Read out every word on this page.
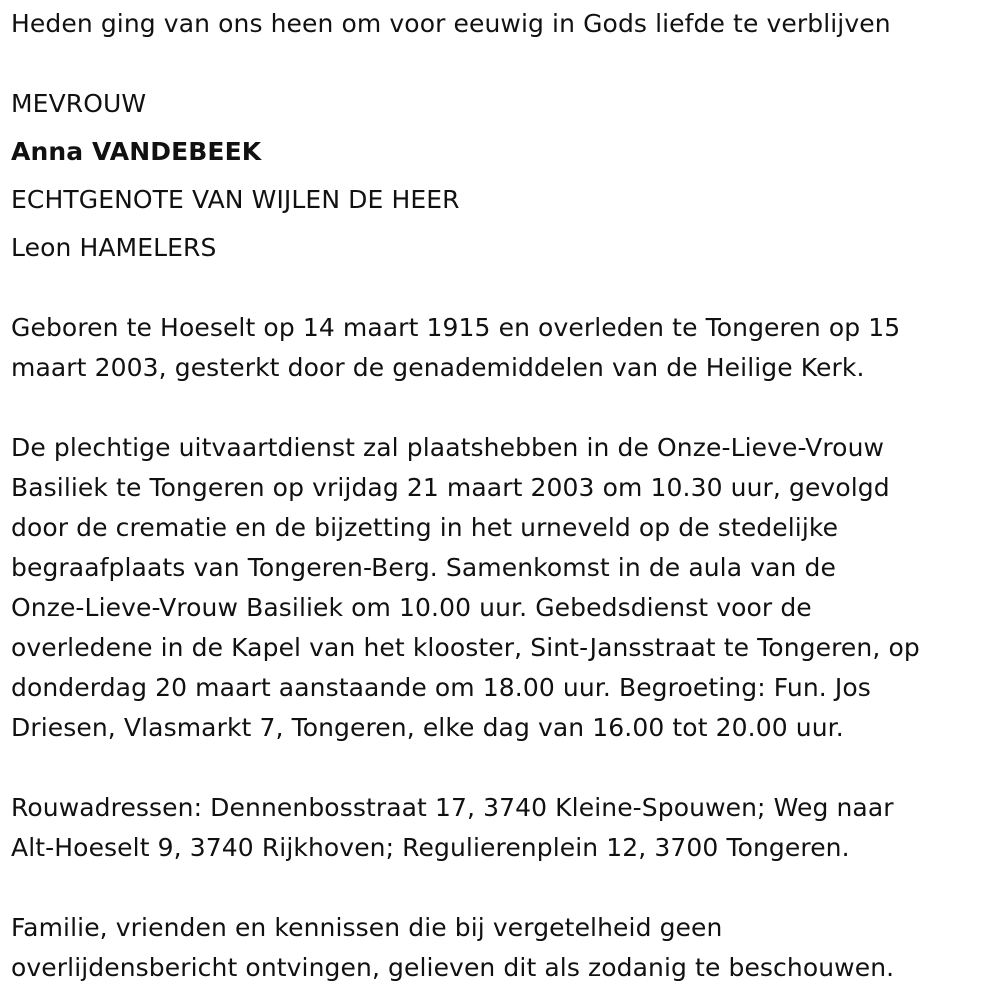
Heden ging van ons heen om voor eeuwig in Gods liefde te verblijven

MEVROUW

Anna VANDEBEEK

ECHTGENOTE VAN WIJLEN DE HEER

Leon HAMELERS

Geboren te Hoeselt op 14 maart 1915 en overleden te Tongeren op 15

maart 2003, gesterkt door de genademiddelen van de Heilige Kerk.

De plechtige uitvaartdienst zal plaatshebben in de Onze-Lieve-Vrouw

Basiliek te Tongeren op vrijdag 21 maart 2003 om 10.30 uur, gevolgd

door de crematie en de bijzetting in het urneveld op de stedelijke

begraafplaats van Tongeren-Berg. Samenkomst in de aula van de

Onze-Lieve-Vrouw Basiliek om 10.00 uur. Gebedsdienst voor de

overledene in de Kapel van het klooster, Sint-Jansstraat te Tongeren, op

donderdag 20 maart aanstaande om 18.00 uur. Begroeting: Fun. Jos

Driesen, Vlasmarkt 7, Tongeren, elke dag van 16.00 tot 20.00 uur.

Rouwadressen: Dennenbosstraat 17, 3740 Kleine-Spouwen; Weg naar

Alt-Hoeselt 9, 3740 Rijkhoven; Regulierenplein 12, 3700 Tongeren.

Familie, vrienden en kennissen die bij vergetelheid geen

overlijdensbericht ontvingen, gelieven dit als zodanig te beschouwen.
